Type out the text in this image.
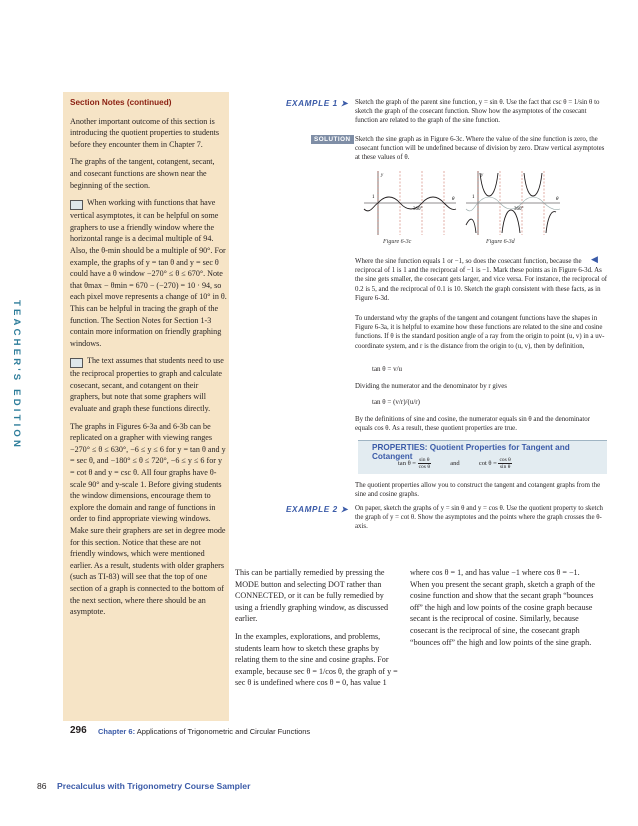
TEACHER'S EDITION

Section Notes (continued)

Another important outcome of this section is introducing the quotient properties to students before they encounter them in Chapter 7.

The graphs of the tangent, cotangent, secant, and cosecant functions are shown near the beginning of the section.

When working with functions that have vertical asymptotes, it can be helpful on some graphers to use a friendly window where the horizontal range is a decimal multiple of 94. Also, the θ-min should be a multiple of 90°. For example, the graphs of y = tan θ and y = sec θ could have a θ window −270° ≤ θ ≤ 670°. Note that θmax − θmin = 670 − (−270) = 10 · 94, so each pixel move represents a change of 10° in θ. This can be helpful in tracing the graph of the function. The Section Notes for Section 1-3 contain more information on friendly graphing windows.

The text assumes that students need to use the reciprocal properties to graph and calculate cosecant, secant, and cotangent on their graphers, but note that some graphers will evaluate and graph these functions directly.

The graphs in Figures 6-3a and 6-3b can be replicated on a grapher with viewing ranges −270° ≤ θ ≤ 630°, −6 ≤ y ≤ 6 for y = tan θ and y = sec θ, and −180° ≤ θ ≤ 720°, −6 ≤ y ≤ 6 for y = cot θ and y = csc θ. All four graphs have θ-scale 90° and y-scale 1. Before giving students the window dimensions, encourage them to explore the domain and range of functions in order to find appropriate viewing windows. Make sure their graphers are set in degree mode for this section. Notice that these are not friendly windows, which were mentioned earlier. As a result, students with older graphers (such as TI-83) will see that the top of one section of a graph is connected to the bottom of the next section, where there should be an asymptote.

This can be partially remedied by pressing the MODE button and selecting DOT rather than CONNECTED, or it can be fully remedied by using a friendly graphing window, as discussed earlier.

In the examples, explorations, and problems, students learn how to sketch these graphs by relating them to the sine and cosine graphs. For example, because sec θ = 1/cos θ, the graph of y = sec θ is undefined where cos θ = 0, has value 1

where cos θ = 1, and has value −1 where cos θ = −1. When you present the secant graph, sketch a graph of the cosine function and show that the secant graph “bounces off” the high and low points of the cosine graph because secant is the reciprocal of cosine. Similarly, because cosecant is the reciprocal of sine, the cosecant graph “bounces off” the high and low points of the sine graph.

EXAMPLE 1 ➤ Sketch the graph of the parent sine function, y = sin θ. Use the fact that csc θ = 1/sin θ to sketch the graph of the cosecant function. Show how the asymptotes of the cosecant function are related to the graph of the sine function.

SOLUTION Sketch the sine graph as in Figure 6-3c. Where the value of the sine function is zero, the cosecant function will be undefined because of division by zero. Draw vertical asymptotes at these values of θ.

y
θ
1
360°
Figure 6-3c
y
θ
1
360°
Figure 6-3d
◀

Where the sine function equals 1 or −1, so does the cosecant function, because the reciprocal of 1 is 1 and the reciprocal of −1 is −1. Mark these points as in Figure 6-3d. As the sine gets smaller, the cosecant gets larger, and vice versa. For instance, the reciprocal of 0.2 is 5, and the reciprocal of 0.1 is 10. Sketch the graph consistent with these facts, as in Figure 6-3d.

To understand why the graphs of the tangent and cotangent functions have the shapes in Figure 6-3a, it is helpful to examine how these functions are related to the sine and cosine functions. If θ is the standard position angle of a ray from the origin to point (u, v) in a uv-coordinate system, and r is the distance from the origin to (u, v), then by definition,

tan θ = v/u

Dividing the numerator and the denominator by r gives

tan θ = (v/r)/(u/r)

By the definitions of sine and cosine, the numerator equals sin θ and the denominator equals cos θ. As a result, these quotient properties are true.

PROPERTIES: Quotient Properties for Tangent and Cotangent
$\tan \theta = \frac{\text{sin θ}}{\text{cos θ}}$	and	$\cot \theta = \frac{\text{cos θ}}{\text{sin θ}}$

The quotient properties allow you to construct the tangent and cotangent graphs from the sine and cosine graphs.

EXAMPLE 2 ➤ On paper, sketch the graphs of y = sin θ and y = cos θ. Use the quotient property to sketch the graph of y = cot θ. Show the asymptotes and the points where the graph crosses the θ-axis.

296 Chapter 6: Applications of Trigonometric and Circular Functions
86 Precalculus with Trigonometry Course Sampler
